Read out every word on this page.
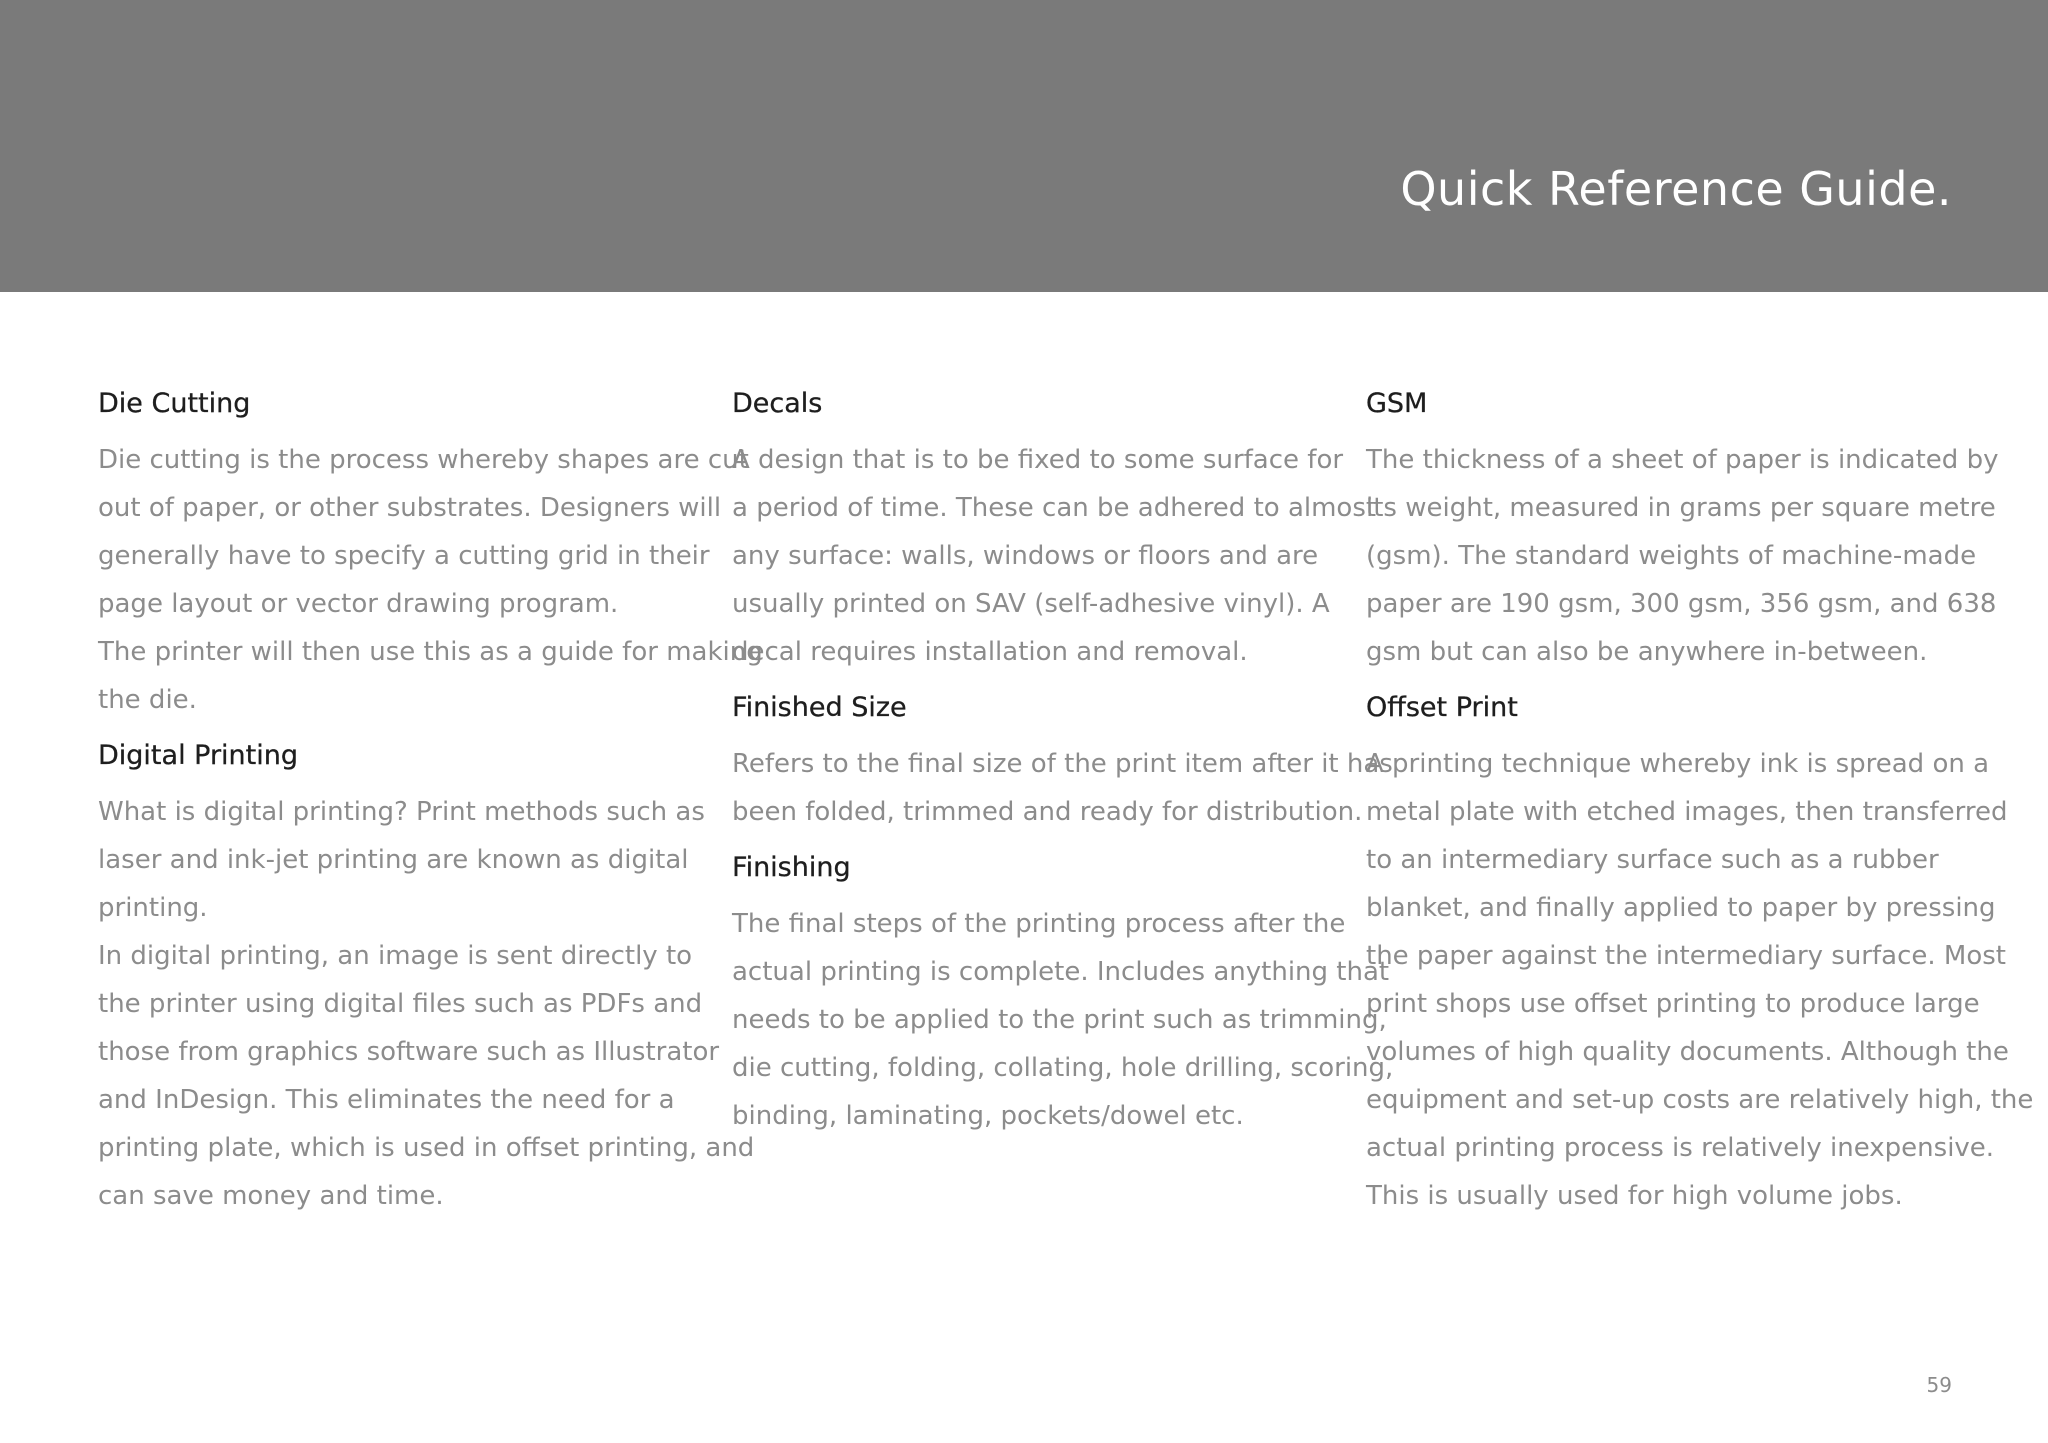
Quick Reference Guide.
Die Cutting
Die cutting is the process whereby shapes are cut
out of paper, or other substrates. Designers will
generally have to specify a cutting grid in their
page layout or vector drawing program.
The printer will then use this as a guide for making
the die.
Digital Printing
What is digital printing? Print methods such as
laser and ink-jet printing are known as digital
printing.
In digital printing, an image is sent directly to
the printer using digital files such as PDFs and
those from graphics software such as Illustrator
and InDesign. This eliminates the need for a
printing plate, which is used in offset printing, and
can save money and time.
Decals
A design that is to be fixed to some surface for
a period of time. These can be adhered to almost
any surface: walls, windows or floors and are
usually printed on SAV (self-adhesive vinyl). A
decal requires installation and removal.
Finished Size
Refers to the final size of the print item after it has
been folded, trimmed and ready for distribution.
Finishing
The final steps of the printing process after the
actual printing is complete. Includes anything that
needs to be applied to the print such as trimming,
die cutting, folding, collating, hole drilling, scoring,
binding, laminating, pockets/dowel etc.
GSM
The thickness of a sheet of paper is indicated by
its weight, measured in grams per square metre
(gsm). The standard weights of machine-made
paper are 190 gsm, 300 gsm, 356 gsm, and 638
gsm but can also be anywhere in-between.
Offset Print
A printing technique whereby ink is spread on a
metal plate with etched images, then transferred
to an intermediary surface such as a rubber
blanket, and finally applied to paper by pressing
the paper against the intermediary surface. Most
print shops use offset printing to produce large
volumes of high quality documents. Although the
equipment and set-up costs are relatively high, the
actual printing process is relatively inexpensive.
This is usually used for high volume jobs.
59
